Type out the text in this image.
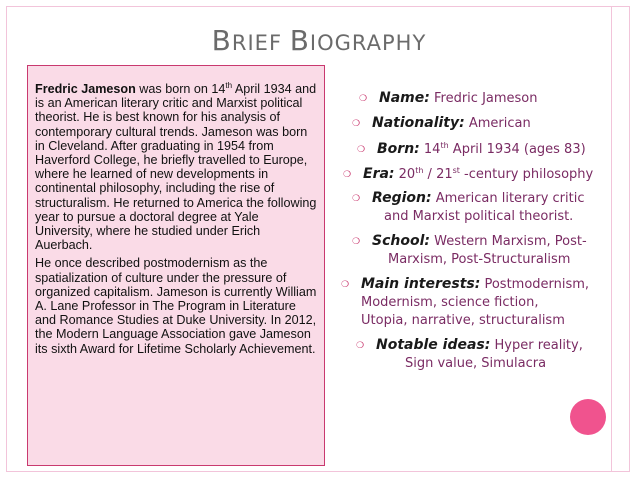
BRIEF BIOGRAPHY

Fredric Jameson was born on 14th April 1934 and is an American literary critic and Marxist political theorist. He is best known for his analysis of contemporary cultural trends. Jameson was born in Cleveland. After graduating in 1954 from Haverford College, he briefly travelled to Europe, where he learned of new developments in continental philosophy, including the rise of structuralism. He returned to America the following year to pursue a doctoral degree at Yale University, where he studied under Erich Auerbach.

He once described postmodernism as the spatialization of culture under the pressure of organized capitalism. Jameson is currently William A. Lane Professor in The Program in Literature and Romance Studies at Duke University. In 2012, the Modern Language Association gave Jameson its sixth Award for Lifetime Scholarly Achievement.

❍ Name: Fredric Jameson
❍ Nationality: American
❍ Born: 14th April 1934 (ages 83)
❍ Era: 20th / 21st -century philosophy
❍ Region: American literary critic
and Marxist political theorist.
❍ School: Western Marxism, Post-
Marxism, Post-Structuralism
❍ Main interests: Postmodernism,
Modernism, science fiction,
Utopia, narrative, structuralism
❍ Notable ideas: Hyper reality,
Sign value, Simulacra
